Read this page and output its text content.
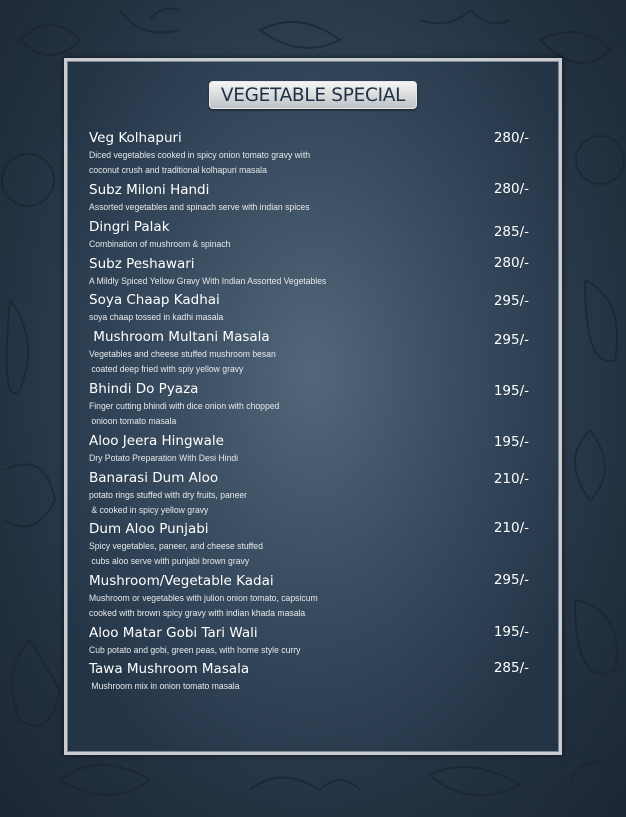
VEGETABLE SPECIAL
Veg Kolhapuri
Diced vegetables cooked in spicy onion tomato gravy with
coconut crush and traditional kolhapuri masala
280/-
Subz Miloni Handi
Assorted vegetables and spinach serve with indian spices
280/-
Dingri Palak
Combination of mushroom & spinach
285/-
Subz Peshawari
A Mildly Spiced Yellow Gravy With Indian Assorted Vegetables
280/-
Soya Chaap Kadhai
soya chaap tossed in kadhi masala
295/-
Mushroom Multani Masala
Vegetables and cheese stuffed mushroom besan
coated deep fried with spiy yellow gravy
295/-
Bhindi Do Pyaza
Finger cutting bhindi with dice onion with chopped
onioon tomato masala
195/-
Aloo Jeera Hingwale
Dry Potato Preparation With Desi Hindi
195/-
Banarasi Dum Aloo
potato rings stuffed with dry fruits, paneer
& cooked in spicy yellow gravy
210/-
Dum Aloo Punjabi
Spicy vegetables, paneer, and cheese stuffed
cubs aloo serve with punjabi brown gravy
210/-
Mushroom/Vegetable Kadai
Mushroom or vegetables with julion onion tomato, capsicum
cooked with brown spicy gravy with indian khada masala
295/-
Aloo Matar Gobi Tari Wali
Cub potato and gobi, green peas, with home style curry
195/-
Tawa Mushroom Masala
Mushroom mix in onion tomato masala
285/-
